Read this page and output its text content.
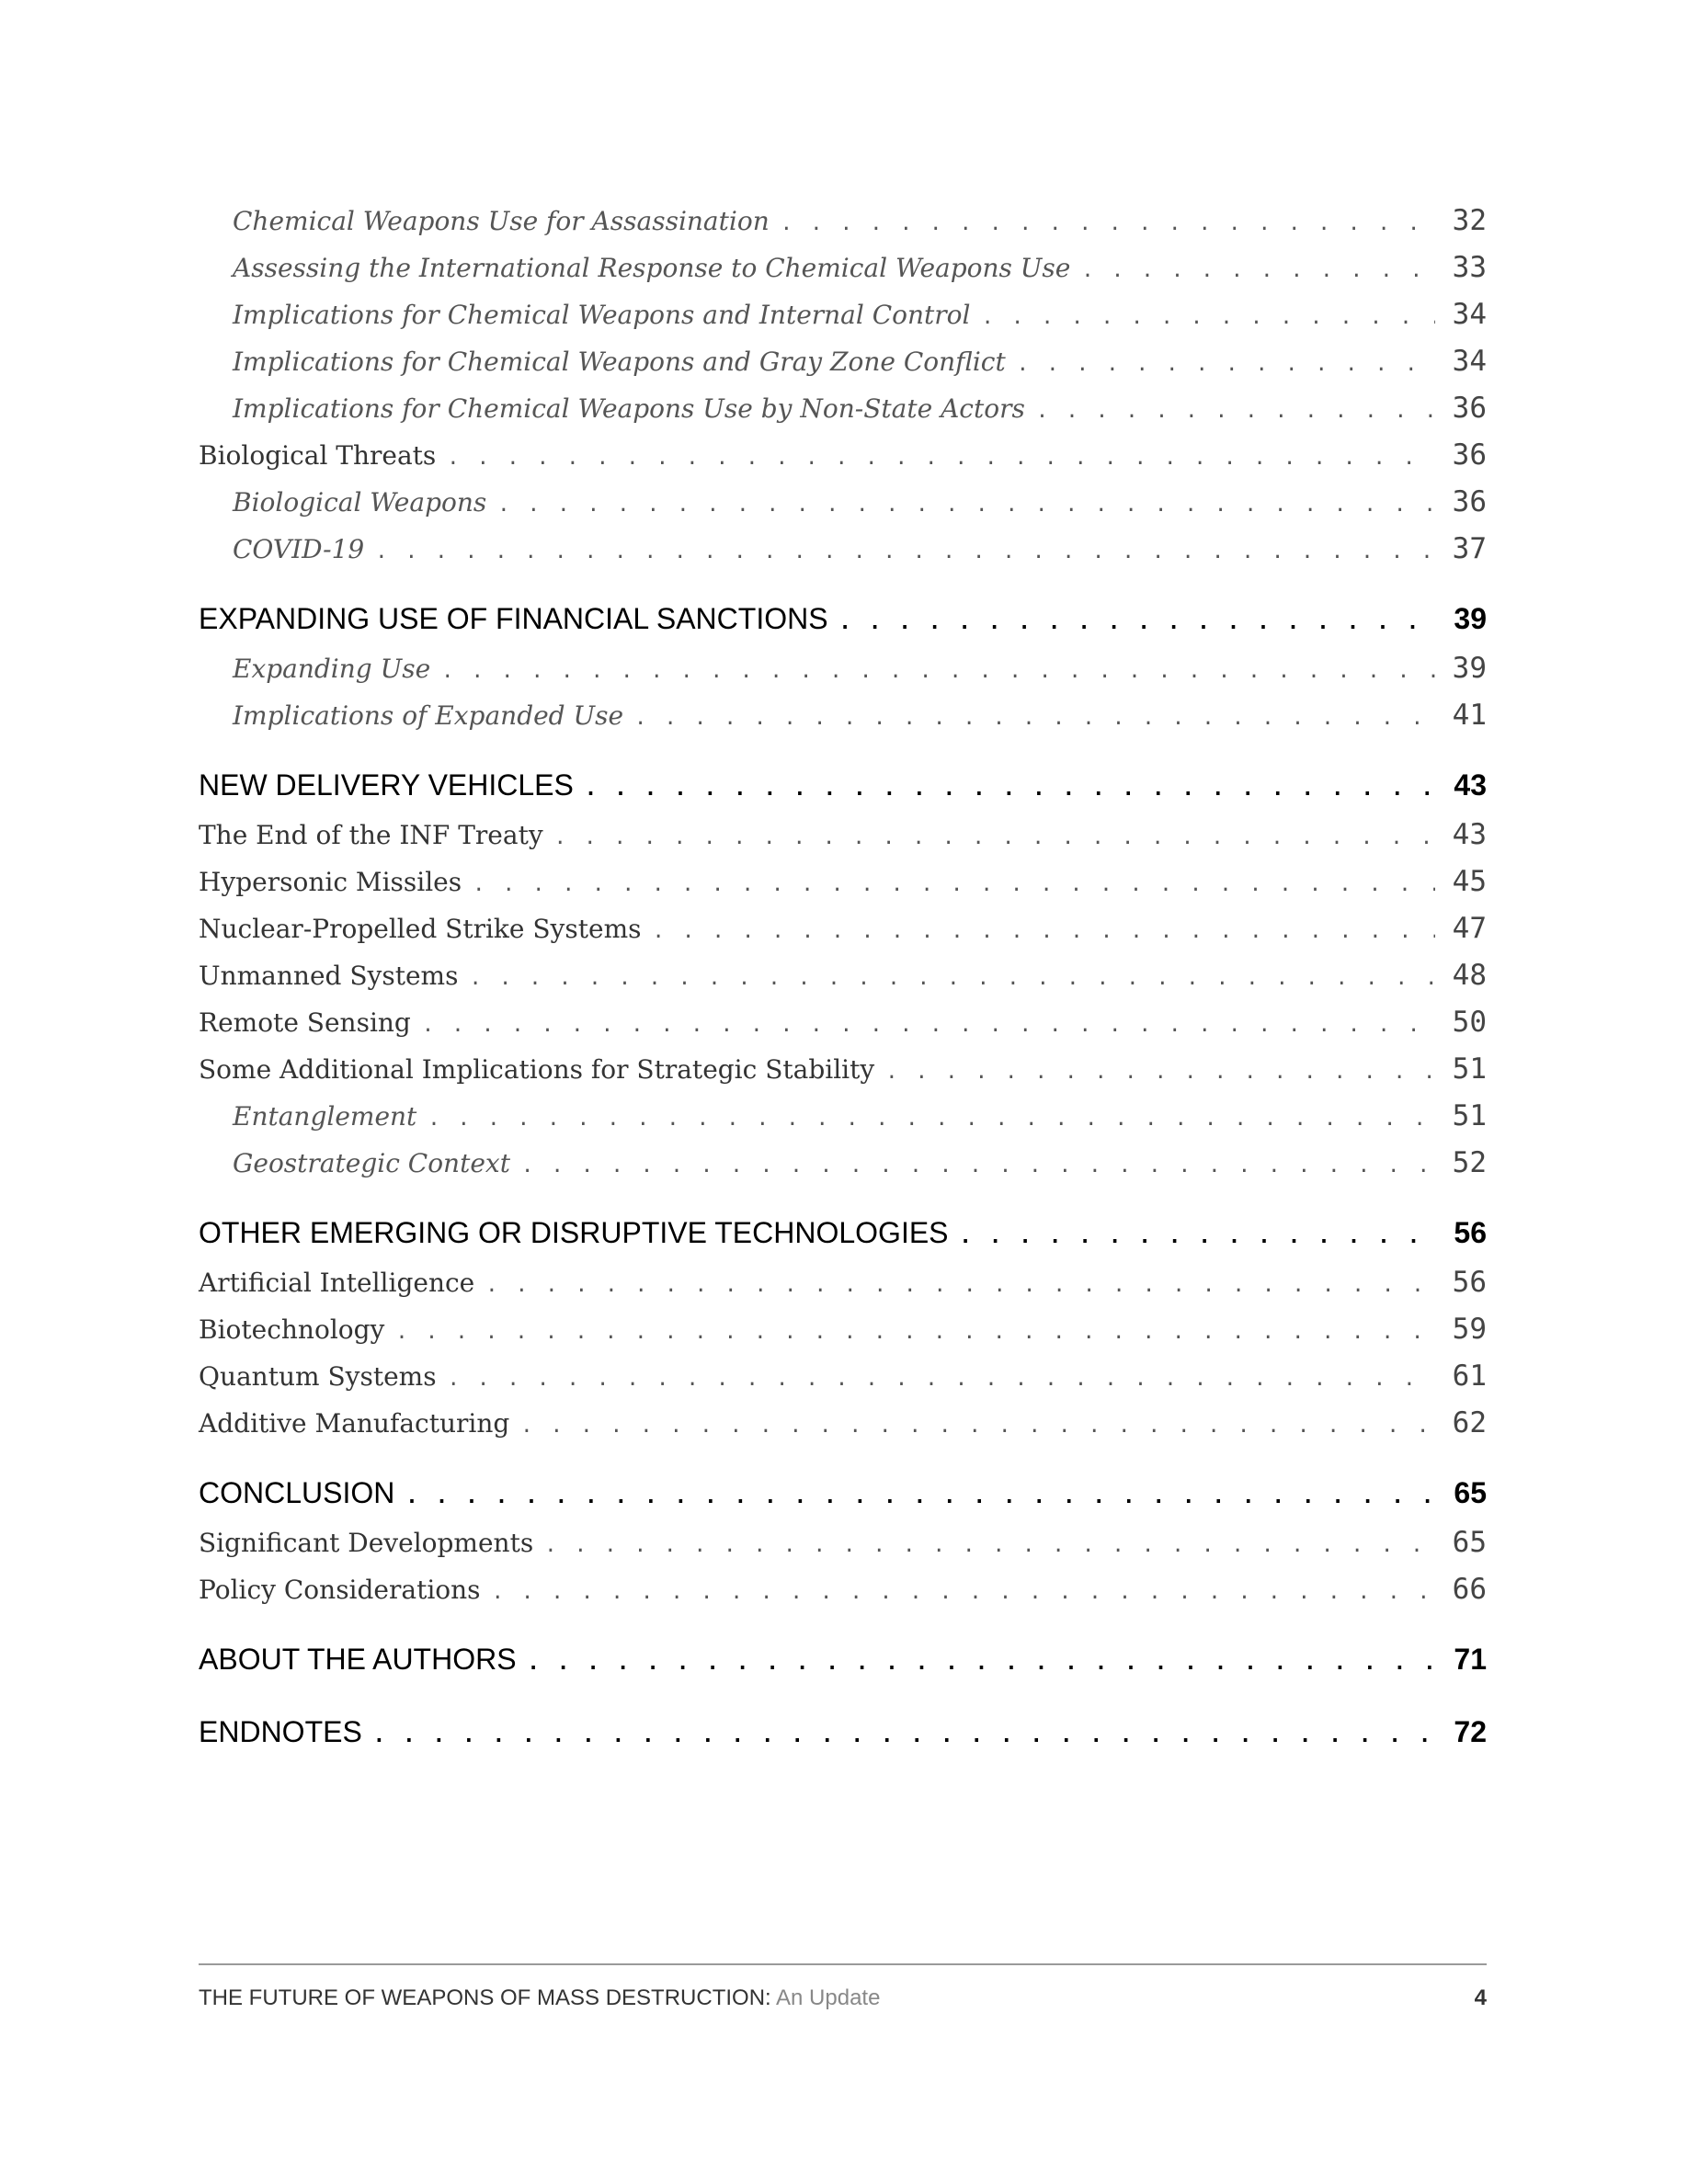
Chemical Weapons Use for Assassination . . .	32
Assessing the International Response to Chemical Weapons Use . . .	33
Implications for Chemical Weapons and Internal Control . . .	34
Implications for Chemical Weapons and Gray Zone Conflict . . .	34
Implications for Chemical Weapons Use by Non-State Actors . . .	36
Biological Threats . . .	36
Biological Weapons . . .	36
COVID-19 . . .	37
EXPANDING USE OF FINANCIAL SANCTIONS . . .	39
Expanding Use . . .	39
Implications of Expanded Use . . .	41
NEW DELIVERY VEHICLES . . .	43
The End of the INF Treaty . . .	43
Hypersonic Missiles . . .	45
Nuclear-Propelled Strike Systems . . .	47
Unmanned Systems . . .	48
Remote Sensing . . .	50
Some Additional Implications for Strategic Stability . . .	51
Entanglement . . .	51
Geostrategic Context . . .	52
OTHER EMERGING OR DISRUPTIVE TECHNOLOGIES . . .	56
Artificial Intelligence . . .	56
Biotechnology . . .	59
Quantum Systems . . .	61
Additive Manufacturing . . .	62
CONCLUSION . . .	65
Significant Developments . . .	65
Policy Considerations . . .	66
ABOUT THE AUTHORS . . .	71
ENDNOTES . . .	72
THE FUTURE OF WEAPONS OF MASS DESTRUCTION: An Update	4
